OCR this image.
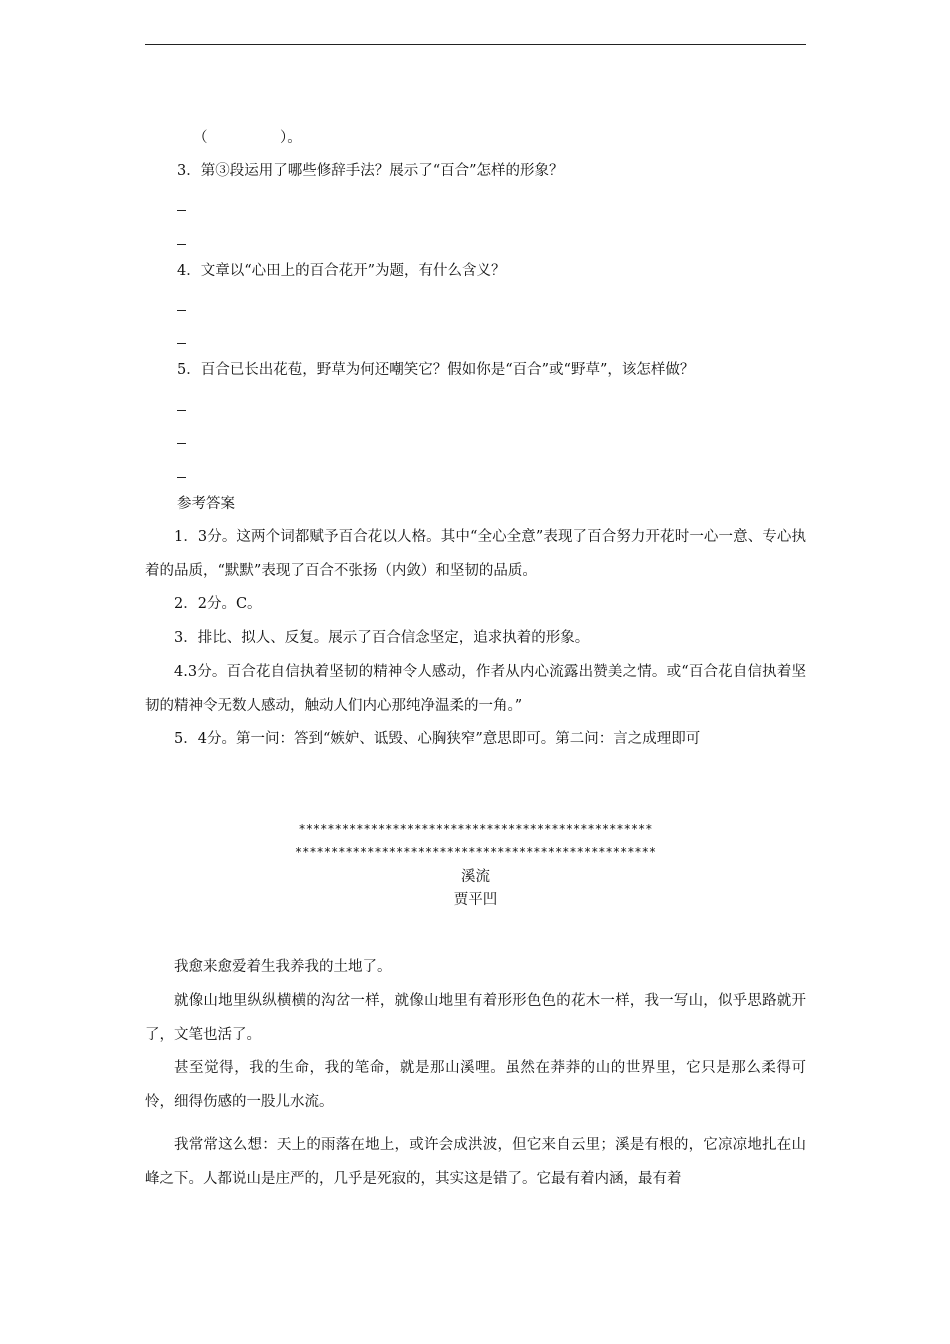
（　　　　　）。
3．第③段运用了哪些修辞手法？展示了“百合”怎样的形象？
4．文章以“心田上的百合花开”为题，有什么含义？
5．百合已长出花苞，野草为何还嘲笑它？假如你是“百合”或“野草”，该怎样做？
参考答案
1．3分。这两个词都赋予百合花以人格。其中“全心全意”表现了百合努力开花时一心一意、专心执着的品质，“默默”表现了百合不张扬（内敛）和坚韧的品质。
2．2分。C。
3．排比、拟人、反复。展示了百合信念坚定，追求执着的形象。
4.3分。百合花自信执着坚韧的精神令人感动，作者从内心流露出赞美之情。或“百合花自信执着坚韧的精神令无数人感动，触动人们内心那纯净温柔的一角。”
5．4分。第一问：答到“嫉妒、诋毁、心胸狭窄”意思即可。第二问：言之成理即可
*************************************************
**************************************************
溪流
贾平凹
我愈来愈爱着生我养我的土地了。
就像山地里纵纵横横的沟岔一样，就像山地里有着形形色色的花木一样，我一写山，似乎思路就开了，文笔也活了。
甚至觉得，我的生命，我的笔命，就是那山溪哩。虽然在莽莽的山的世界里，它只是那么柔得可怜，细得伤感的一股儿水流。
我常常这么想：天上的雨落在地上，或许会成洪波，但它来自云里；溪是有根的，它凉凉地扎在山峰之下。人都说山是庄严的，几乎是死寂的，其实这是错了。它最有着内涵，最有着
